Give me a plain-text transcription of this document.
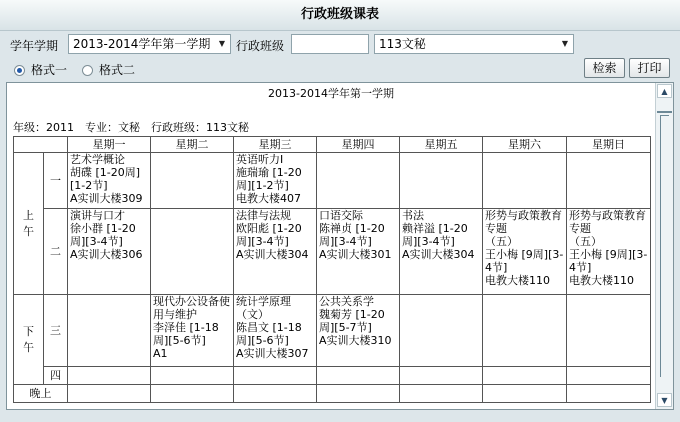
行政班级课表
学年学期	2013-2014学年第一学期	▼ 行政班级	113文秘	▼
格式一	格式二	检索	打印
2013-2014学年第一学期
年级：2011　专业：文秘　行政班级：113文秘
		星期一	星期二	星期三	星期四	星期五	星期六	星期日

上午	一	艺术学概论
胡碟 [1-20周][1-2节]
A实训大楼309		英语听力Ⅰ
施瑞瑜 [1-20周][1-2节]
电教大楼407				

	二	演讲与口才
徐小群 [1-20周][3-4节]
A实训大楼306		法律与法规
欧阳彪 [1-20周][3-4节]
A实训大楼304	口语交际
陈禅贞 [1-20周][3-4节]
A实训大楼301	书法
赖祥溢 [1-20周][3-4节]
A实训大楼304	形势与政策教育专题
（五）
王小梅 [9周][3-4节]
电教大楼110	形势与政策教育专题
（五）
王小梅 [9周][3-4节]
电教大楼110

下午	三		现代办公设备使用与维护
李泽佳 [1-18周][5-6节]
A1	统计学原理
（文）
陈昌文 [1-18周][5-6节]
A实训大楼307	公共关系学
魏菊芳 [1-20周][5-7节]
A实训大楼310			

	四							
晚上								
▲
▼
